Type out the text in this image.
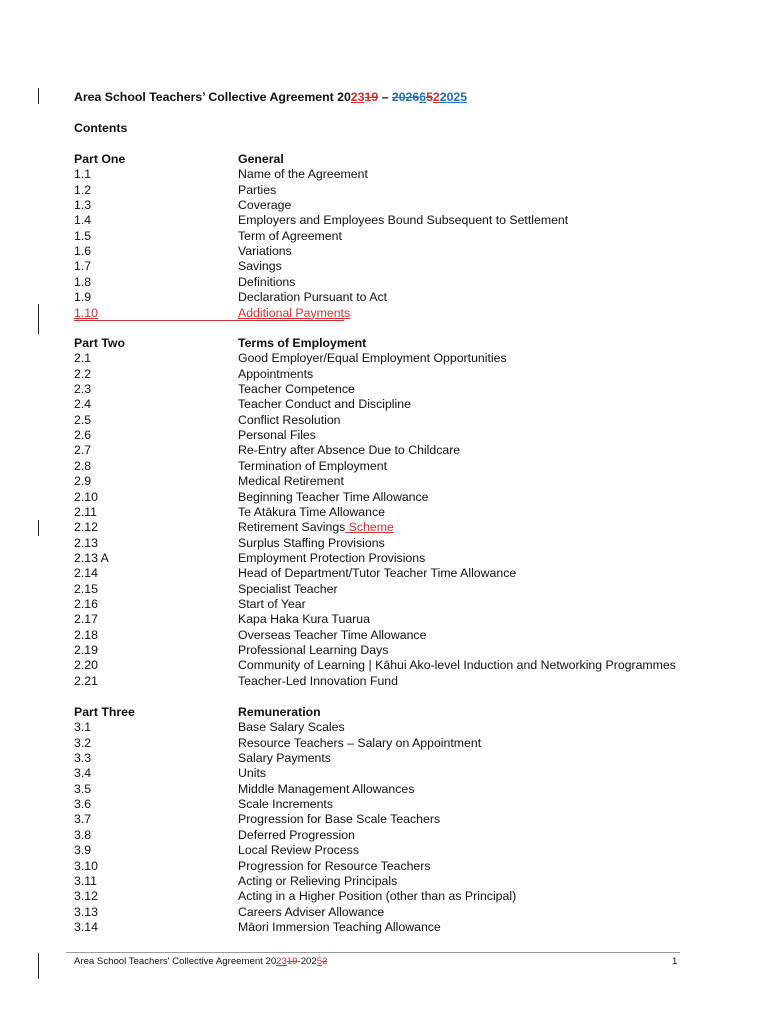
Area School Teachers’ Collective Agreement 202319 – 20266522025
Contents
Part One	General
1.1	Name of the Agreement
1.2	Parties
1.3	Coverage
1.4	Employers and Employees Bound Subsequent to Settlement
1.5	Term of Agreement
1.6	Variations
1.7	Savings
1.8	Definitions
1.9	Declaration Pursuant to Act
1.10	Additional Payments
Part Two	Terms of Employment
2.1	Good Employer/Equal Employment Opportunities
2.2	Appointments
2.3	Teacher Competence
2.4	Teacher Conduct and Discipline
2.5	Conflict Resolution
2.6	Personal Files
2.7	Re-Entry after Absence Due to Childcare
2.8	Termination of Employment
2.9	Medical Retirement
2.10	Beginning Teacher Time Allowance
2.11	Te Atākura Time Allowance
2.12	Retirement Savings Scheme
2.13	Surplus Staffing Provisions
2.13 A	Employment Protection Provisions
2.14	Head of Department/Tutor Teacher Time Allowance
2.15	Specialist Teacher
2.16	Start of Year
2.17	Kapa Haka Kura Tuarua
2.18	Overseas Teacher Time Allowance
2.19	Professional Learning Days
2.20	Community of Learning | Kāhui Ako-level Induction and Networking Programmes
2.21	Teacher-Led Innovation Fund
Part Three	Remuneration
3.1	Base Salary Scales
3.2	Resource Teachers – Salary on Appointment
3.3	Salary Payments
3.4	Units
3.5	Middle Management Allowances
3.6	Scale Increments
3.7	Progression for Base Scale Teachers
3.8	Deferred Progression
3.9	Local Review Process
3.10	Progression for Resource Teachers
3.11	Acting or Relieving Principals
3.12	Acting in a Higher Position (other than as Principal)
3.13	Careers Adviser Allowance
3.14	Māori Immersion Teaching Allowance
Area School Teachers' Collective Agreement 202319-20252	1
